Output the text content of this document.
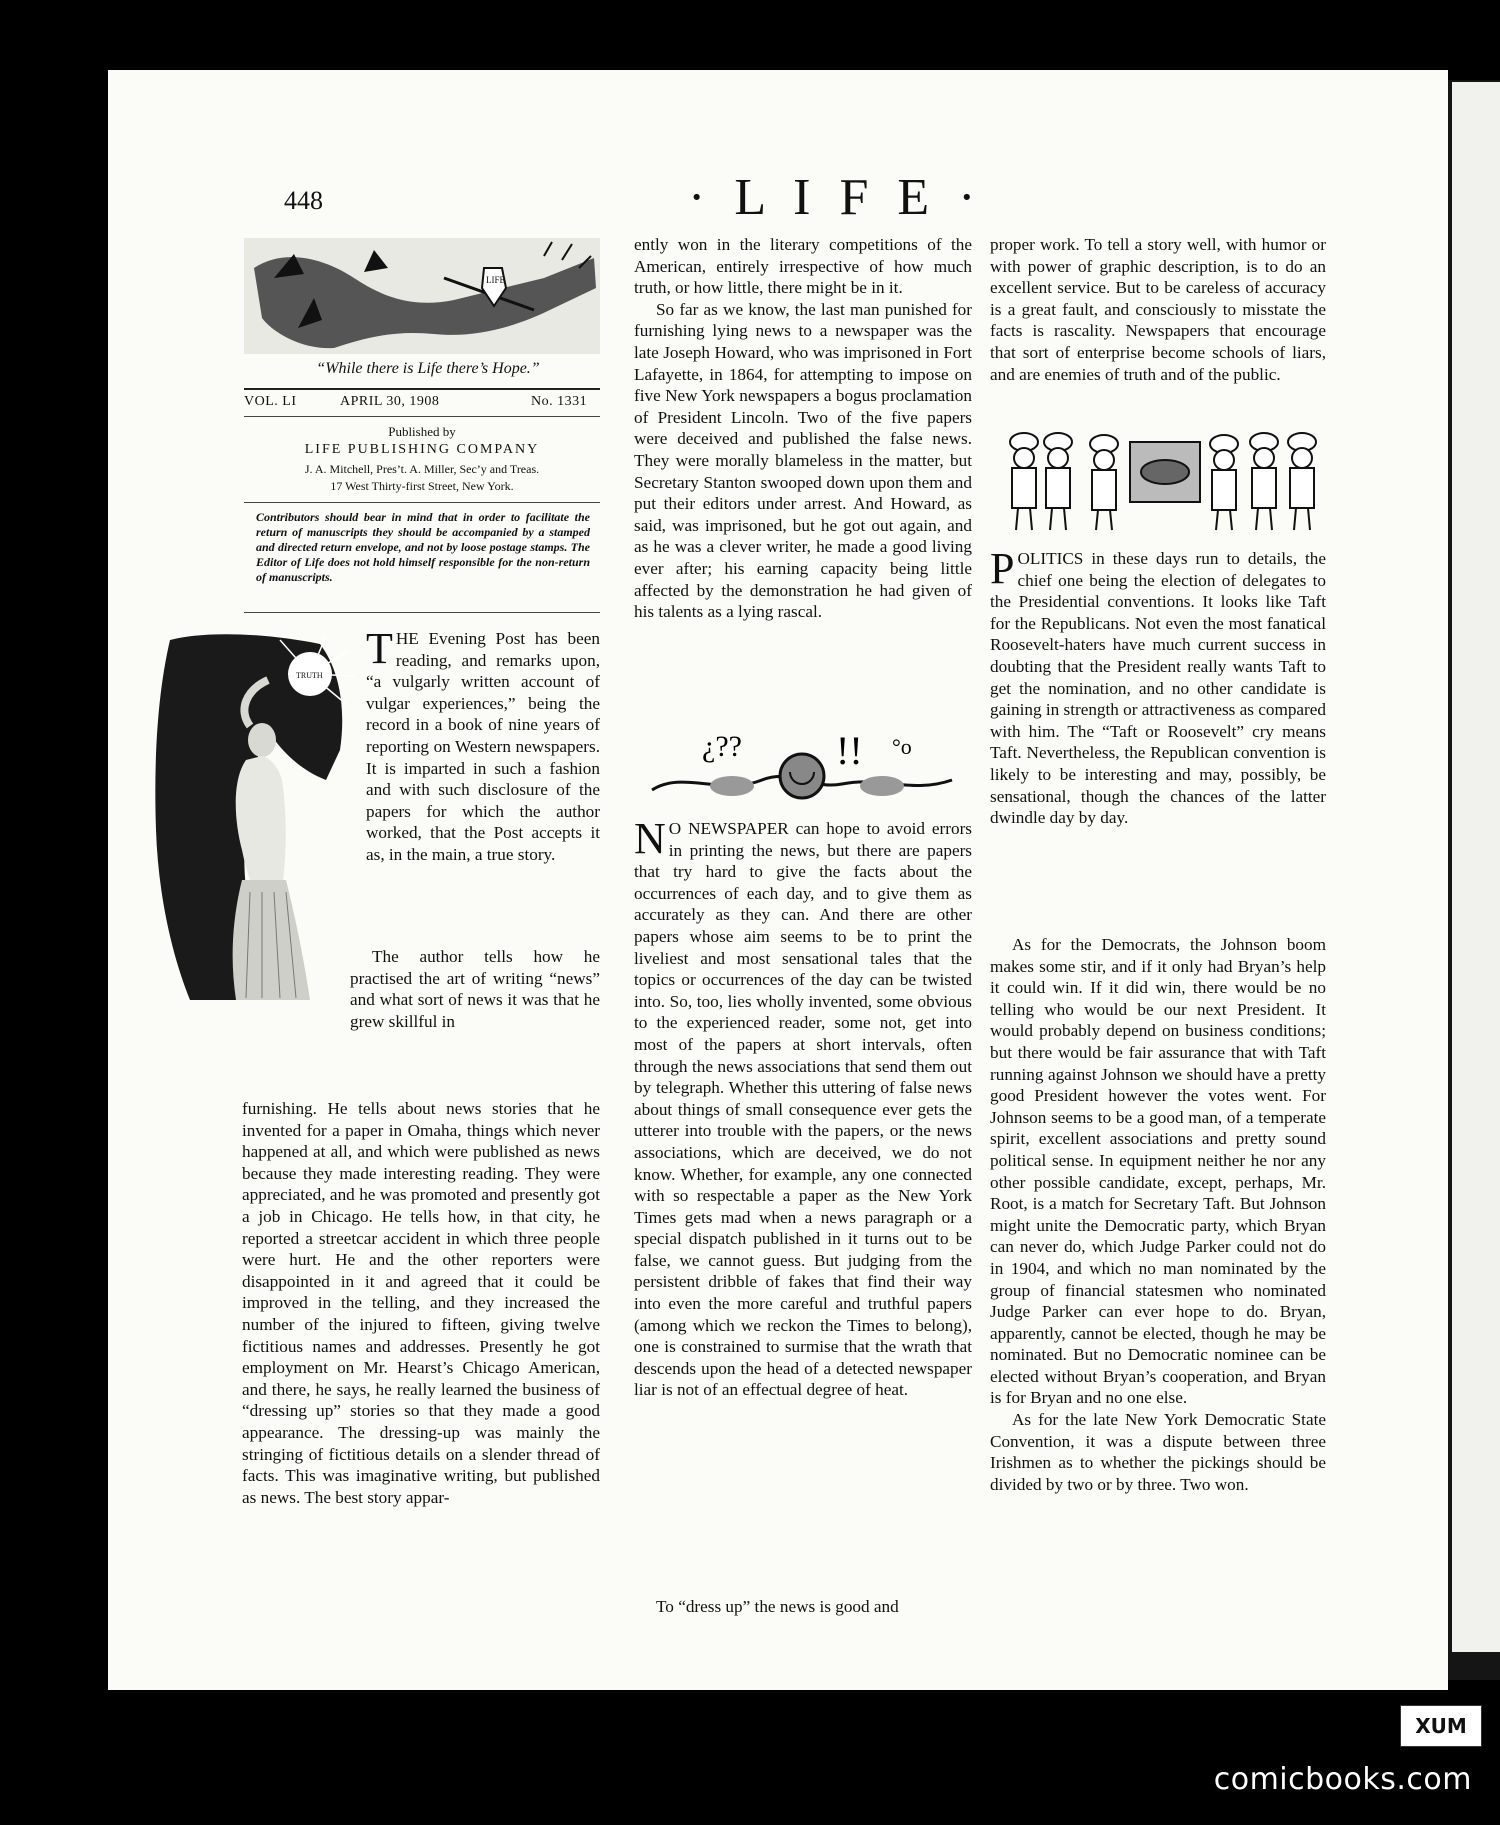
448	· L I F E ·
LIFE
“While there is Life there’s Hope.”
VOL. LI	APRIL 30, 1908	No. 1331
Published by
LIFE PUBLISHING COMPANY
J. A. Mitchell, Pres’t. A. Miller, Sec’y and Treas.
17 West Thirty-first Street, New York.
Contributors should bear in mind that in order to facilitate the return of manuscripts they should be accompanied by a stamped and directed return envelope, and not by loose postage stamps. The Editor of Life does not hold himself responsible for the non-return of manuscripts.
TRUTH
THE Evening Post has been reading, and remarks upon, “a vulgarly written account of vulgar experiences,” being the record in a book of nine years of reporting on Western newspapers. It is imparted in such a fashion and with such disclosure of the papers for which the author worked, that the Post accepts it as, in the main, a true story.
The author tells how he practised the art of writing “news” and what sort of news it was that he grew skillful in
furnishing. He tells about news stories that he invented for a paper in Omaha, things which never happened at all, and which were published as news because they made interesting reading. They were appreciated, and he was promoted and presently got a job in Chicago. He tells how, in that city, he reported a streetcar accident in which three people were hurt. He and the other reporters were disappointed in it and agreed that it could be improved in the telling, and they increased the number of the injured to fifteen, giving twelve fictitious names and addresses. Presently he got employment on Mr. Hearst’s Chicago American, and there, he says, he really learned the business of “dressing up” stories so that they made a good appearance. The dressing-up was mainly the stringing of fictitious details on a slender thread of facts. This was imaginative writing, but published as news. The best story appar-

ently won in the literary competitions of the American, entirely irrespective of how much truth, or how little, there might be in it.

So far as we know, the last man punished for furnishing lying news to a newspaper was the late Joseph Howard, who was imprisoned in Fort Lafayette, in 1864, for attempting to impose on five New York newspapers a bogus proclamation of President Lincoln. Two of the five papers were deceived and published the false news. They were morally blameless in the matter, but Secretary Stanton swooped down upon them and put their editors under arrest. And Howard, as said, was imprisoned, but he got out again, and as he was a clever writer, he made a good living ever after; his earning capacity being little affected by the demonstration he had given of his talents as a lying rascal.

¿?? !! °o
N O NEWSPAPER can hope to avoid errors in printing the news, but there are papers that try hard to give the facts about the occurrences of each day, and to give them as accurately as they can. And there are other papers whose aim seems to be to print the liveliest and most sensational tales that the topics or occurrences of the day can be twisted into. So, too, lies wholly invented, some obvious to the experienced reader, some not, get into most of the papers at short intervals, often through the news associations that send them out by telegraph. Whether this uttering of false news about things of small consequence ever gets the utterer into trouble with the papers, or the news associations, which are deceived, we do not know. Whether, for example, any one connected with so respectable a paper as the New York Times gets mad when a news paragraph or a special dispatch published in it turns out to be false, we cannot guess. But judging from the persistent dribble of fakes that find their way into even the more careful and truthful papers (among which we reckon the Times to belong), one is constrained to surmise that the wrath that descends upon the head of a detected newspaper liar is not of an effectual degree of heat.
To “dress up” the news is good and
proper work. To tell a story well, with humor or with power of graphic description, is to do an excellent service. But to be careless of accuracy is a great fault, and consciously to misstate the facts is rascality. Newspapers that encourage that sort of enterprise become schools of liars, and are enemies of truth and of the public.
POLITICS in these days run to details, the chief one being the election of delegates to the Presidential conventions. It looks like Taft for the Republicans. Not even the most fanatical Roosevelt-haters have much current success in doubting that the President really wants Taft to get the nomination, and no other candidate is gaining in strength or attractiveness as compared with him. The “Taft or Roosevelt” cry means Taft. Nevertheless, the Republican convention is likely to be interesting and may, possibly, be sensational, though the chances of the latter dwindle day by day.

As for the Democrats, the Johnson boom makes some stir, and if it only had Bryan’s help it could win. If it did win, there would be no telling who would be our next President. It would probably depend on business conditions; but there would be fair assurance that with Taft running against Johnson we should have a pretty good President however the votes went. For Johnson seems to be a good man, of a temperate spirit, excellent associations and pretty sound political sense. In equipment neither he nor any other possible candidate, except, perhaps, Mr. Root, is a match for Secretary Taft. But Johnson might unite the Democratic party, which Bryan can never do, which Judge Parker could not do in 1904, and which no man nominated by the group of financial statesmen who nominated Judge Parker can ever hope to do. Bryan, apparently, cannot be elected, though he may be nominated. But no Democratic nominee can be elected without Bryan’s cooperation, and Bryan is for Bryan and no one else.

As for the late New York Democratic State Convention, it was a dispute between three Irishmen as to whether the pickings should be divided by two or by three. Two won.

XUM
comicbooks.com
